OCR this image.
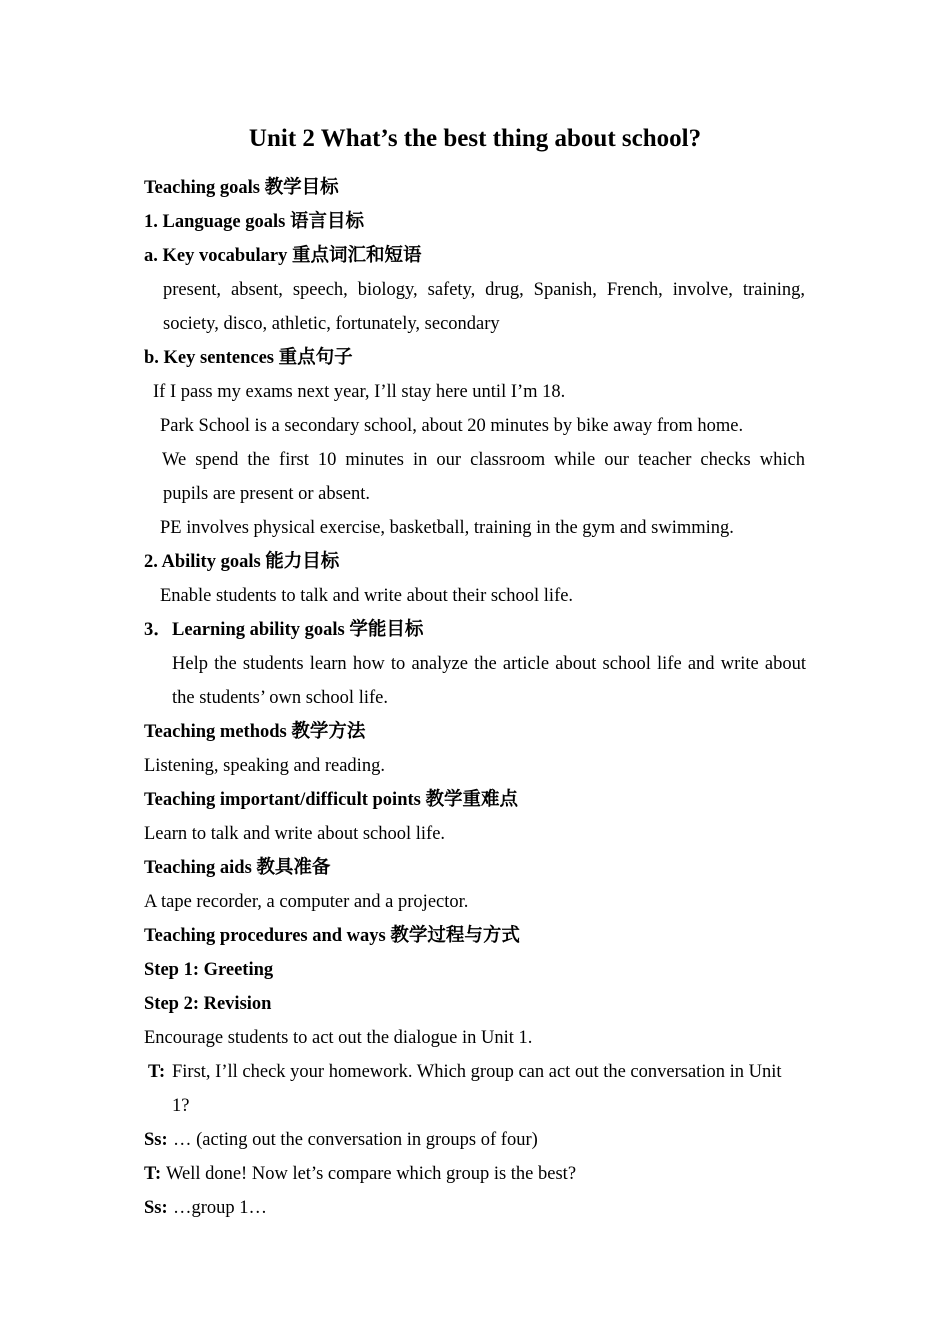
Unit 2 What’s the best thing about school?
Teaching goals 教学目标
1. Language goals 语言目标
a. Key vocabulary 重点词汇和短语
present, absent, speech, biology, safety, drug, Spanish, French, involve, training,
society, disco, athletic, fortunately, secondary
b. Key sentences 重点句子
If I pass my exams next year, I’ll stay here until I’m 18.
Park School is a secondary school, about 20 minutes by bike away from home.
We spend the first 10 minutes in our classroom while our teacher checks which
pupils are present or absent.
PE involves physical exercise, basketball, training in the gym and swimming.
2. Ability goals 能力目标
Enable students to talk and write about their school life.
3． Learning ability goals 学能目标
Help the students learn how to analyze the article about school life and write about
the students’ own school life.
Teaching methods 教学方法
Listening, speaking and reading.
Teaching important/difficult points 教学重难点
Learn to talk and write about school life.
Teaching aids 教具准备
A tape recorder, a computer and a projector.
Teaching procedures and ways 教学过程与方式
Step 1: Greeting
Step 2: Revision
Encourage students to act out the dialogue in Unit 1.
T: First, I’ll check your homework. Which group can act out the conversation in Unit
1?
Ss: … (acting out the conversation in groups of four)
T: Well done! Now let’s compare which group is the best?
Ss: …group 1…
